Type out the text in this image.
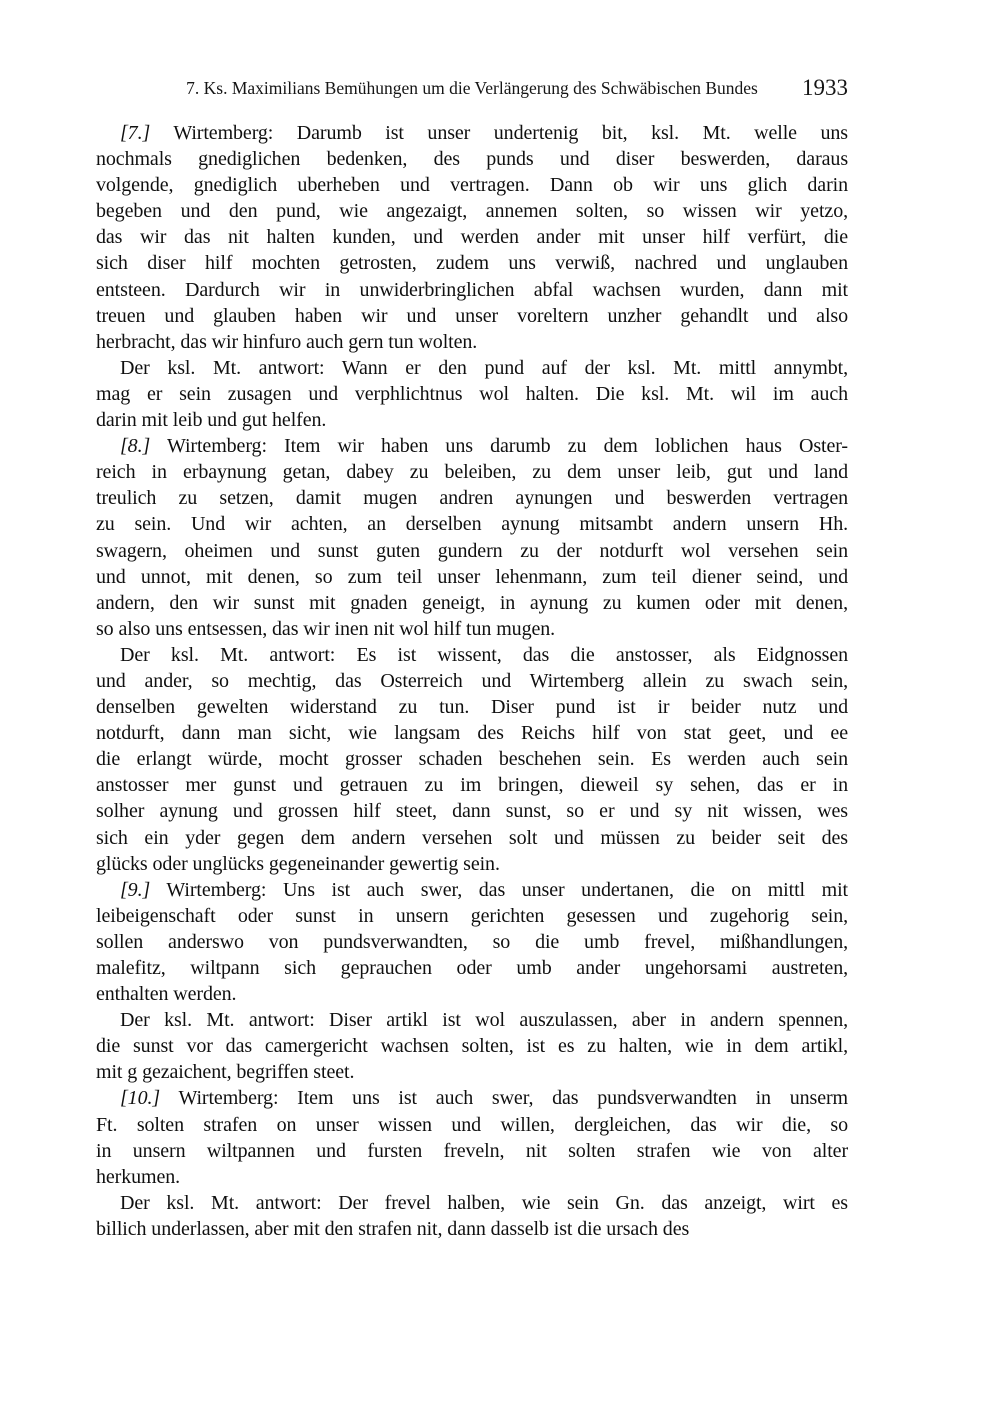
7. Ks. Maximilians Bemühungen um die Verlängerung des Schwäbischen Bundes	1933
[7.] Wirtemberg: Darumb ist unser undertenig bit, ksl. Mt. welle uns
nochmals gnediglichen bedenken, des punds und diser beswerden, daraus
volgende, gnediglich uberheben und vertragen. Dann ob wir uns glich darin
begeben und den pund, wie angezaigt, annemen solten, so wissen wir yetzo,
das wir das nit halten kunden, und werden ander mit unser hilf verfürt, die
sich diser hilf mochten getrosten, zudem uns verwiß, nachred und unglauben
entsteen. Dardurch wir in unwiderbringlichen abfal wachsen wurden, dann mit
treuen und glauben haben wir und unser voreltern unzher gehandlt und also
herbracht, das wir hinfuro auch gern tun wolten.
Der ksl. Mt. antwort: Wann er den pund auf der ksl. Mt. mittl annymbt,
mag er sein zusagen und verphlichtnus wol halten. Die ksl. Mt. wil im auch
darin mit leib und gut helfen.
[8.] Wirtemberg: Item wir haben uns darumb zu dem loblichen haus Oster-
reich in erbaynung getan, dabey zu beleiben, zu dem unser leib, gut und land
treulich zu setzen, damit mugen andren aynungen und beswerden vertragen
zu sein. Und wir achten, an derselben aynung mitsambt andern unsern Hh.
swagern, oheimen und sunst guten gundern zu der notdurft wol versehen sein
und unnot, mit denen, so zum teil unser lehenmann, zum teil diener seind, und
andern, den wir sunst mit gnaden geneigt, in aynung zu kumen oder mit denen,
so also uns entsessen, das wir inen nit wol hilf tun mugen.
Der ksl. Mt. antwort: Es ist wissent, das die anstosser, als Eidgnossen
und ander, so mechtig, das Osterreich und Wirtemberg allein zu swach sein,
denselben gewelten widerstand zu tun. Diser pund ist ir beider nutz und
notdurft, dann man sicht, wie langsam des Reichs hilf von stat geet, und ee
die erlangt würde, mocht grosser schaden beschehen sein. Es werden auch sein
anstosser mer gunst und getrauen zu im bringen, dieweil sy sehen, das er in
solher aynung und grossen hilf steet, dann sunst, so er und sy nit wissen, wes
sich ein yder gegen dem andern versehen solt und müssen zu beider seit des
glücks oder unglücks gegeneinander gewertig sein.
[9.] Wirtemberg: Uns ist auch swer, das unser undertanen, die on mittl mit
leibeigenschaft oder sunst in unsern gerichten gesessen und zugehorig sein,
sollen anderswo von pundsverwandten, so die umb frevel, mißhandlungen,
malefitz, wiltpann sich geprauchen oder umb ander ungehorsami austreten,
enthalten werden.
Der ksl. Mt. antwort: Diser artikl ist wol auszulassen, aber in andern spennen,
die sunst vor das camergericht wachsen solten, ist es zu halten, wie in dem artikl,
mit g gezaichent, begriffen steet.
[10.] Wirtemberg: Item uns ist auch swer, das pundsverwandten in unserm
Ft. solten strafen on unser wissen und willen, dergleichen, das wir die, so
in unsern wiltpannen und fursten freveln, nit solten strafen wie von alter
herkumen.
Der ksl. Mt. antwort: Der frevel halben, wie sein Gn. das anzeigt, wirt es
billich underlassen, aber mit den strafen nit, dann dasselb ist die ursach des
